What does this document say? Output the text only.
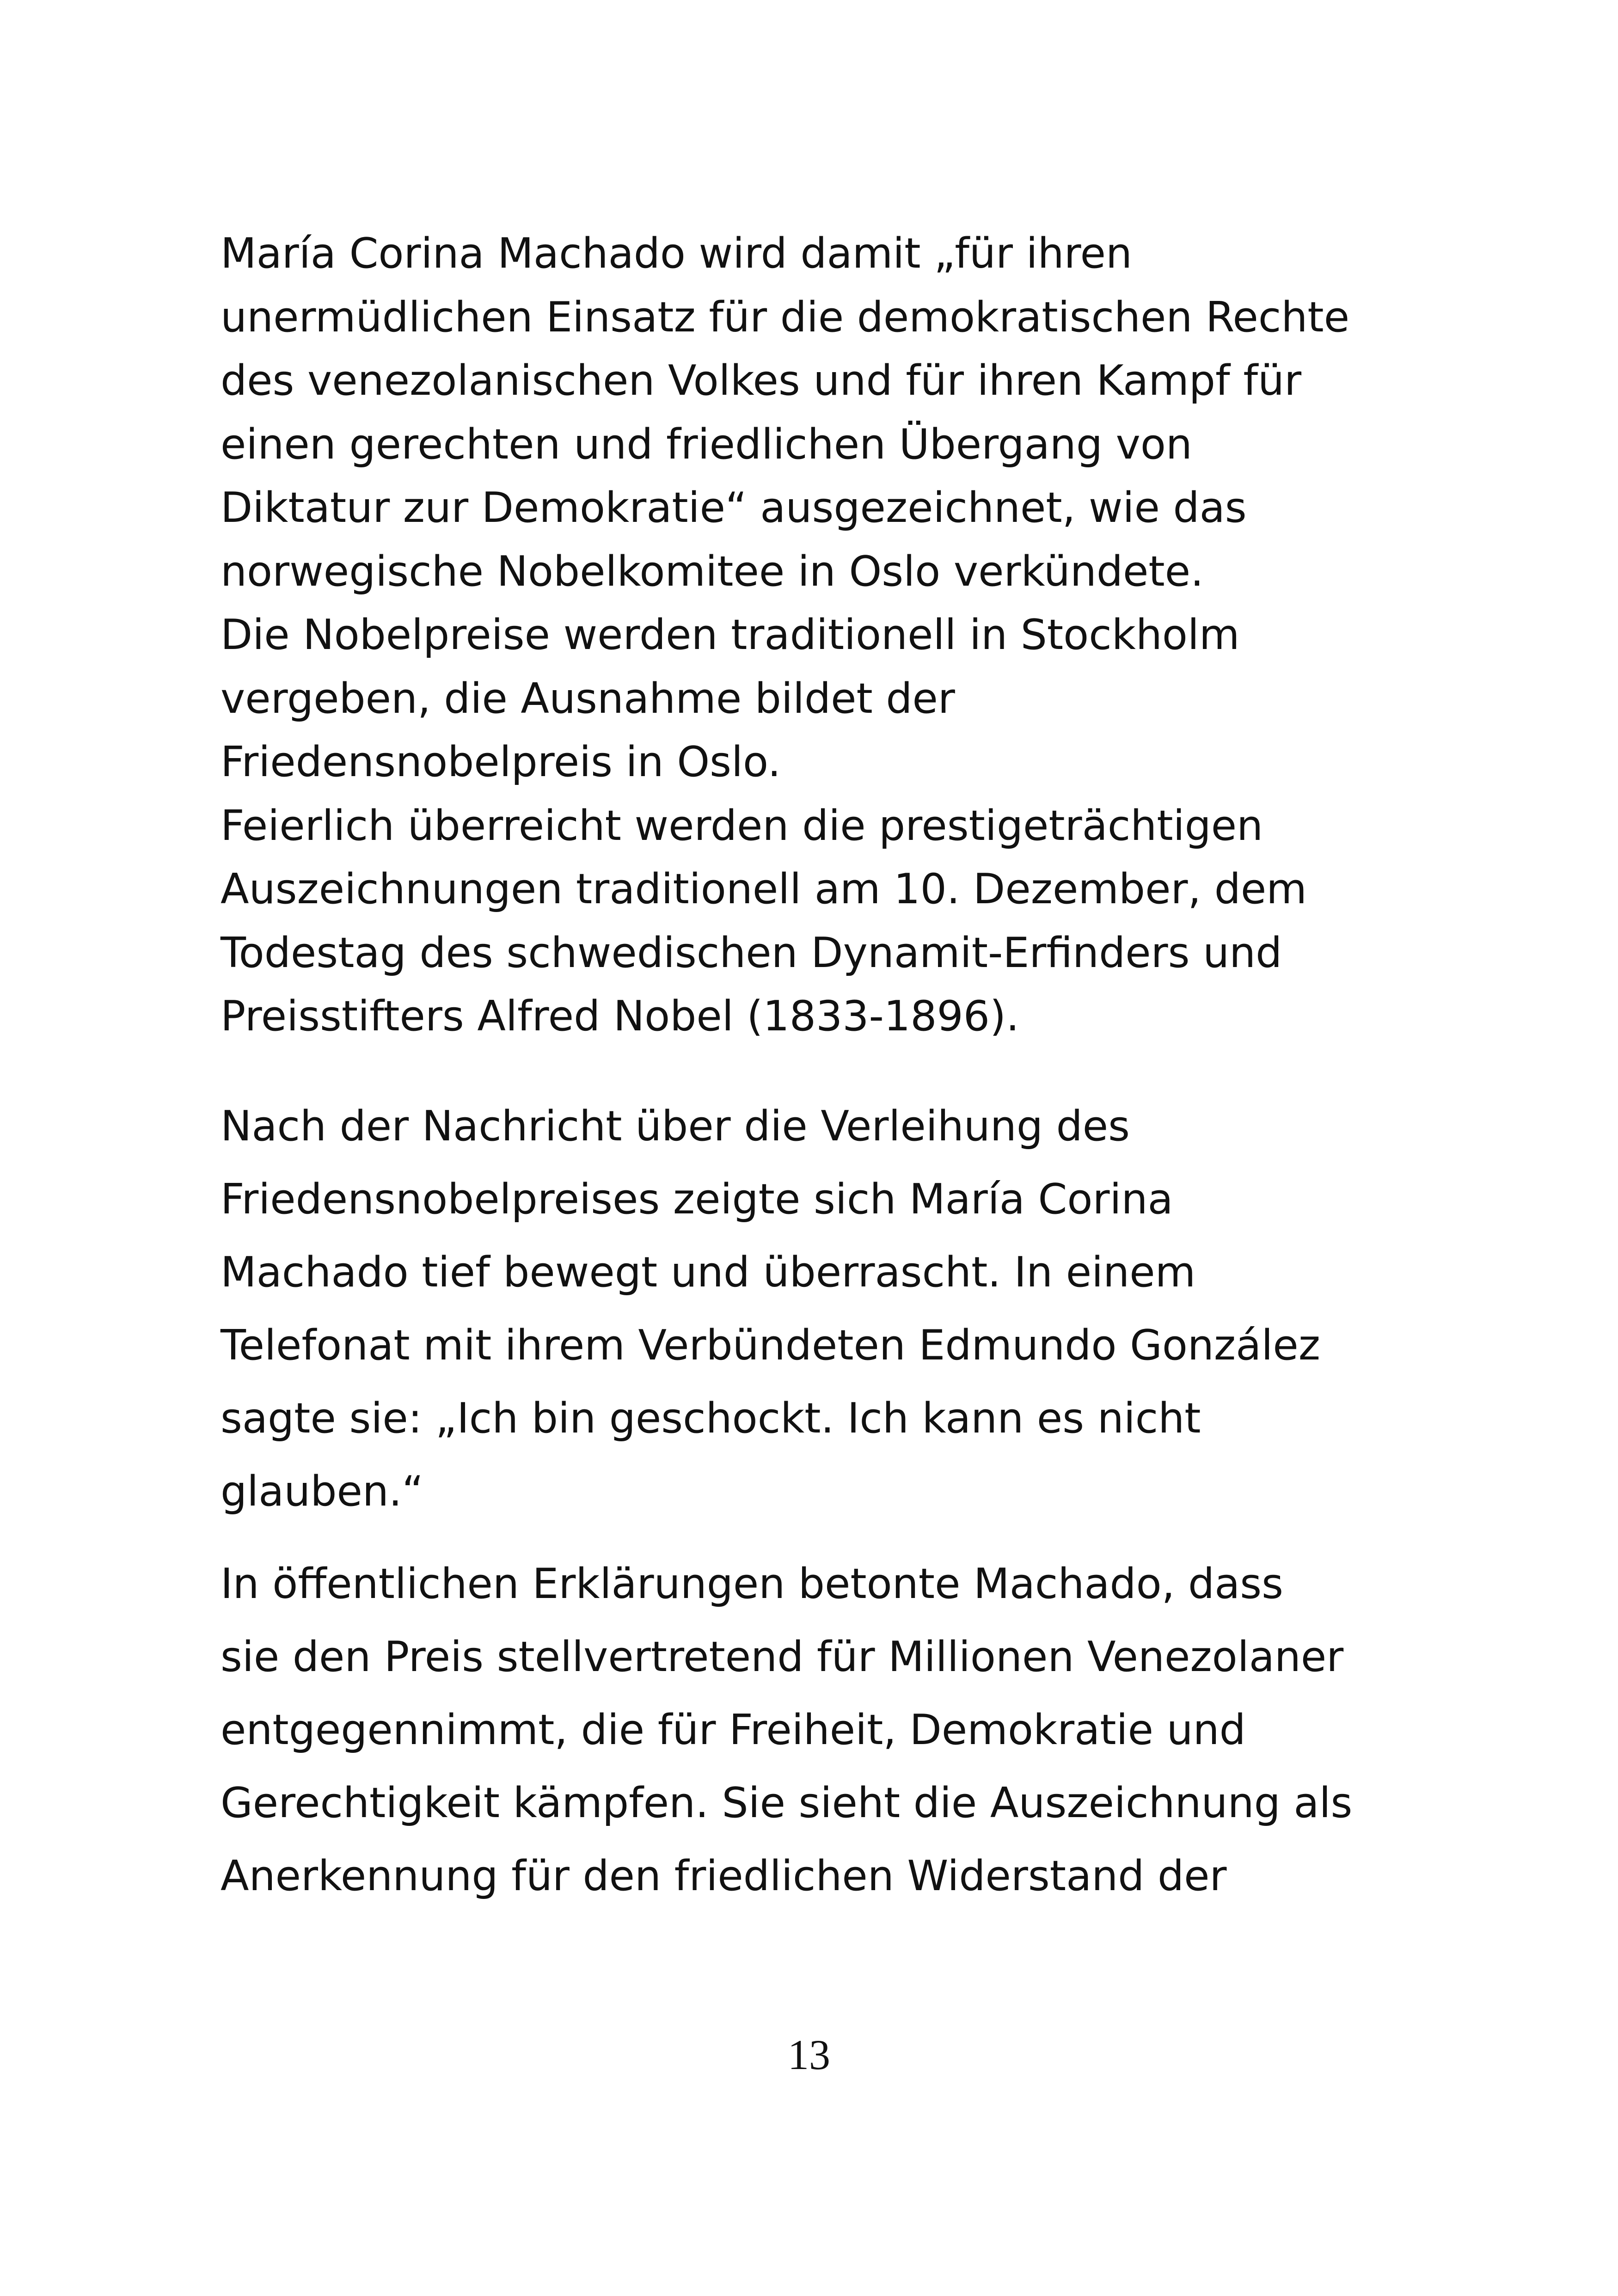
María Corina Machado wird damit „für ihren

unermüdlichen Einsatz für die demokratischen Rechte

des venezolanischen Volkes und für ihren Kampf für

einen gerechten und friedlichen Übergang von

Diktatur zur Demokratie“ ausgezeichnet, wie das

norwegische Nobelkomitee in Oslo verkündete.

Die Nobelpreise werden traditionell in Stockholm

vergeben, die Ausnahme bildet der

Friedensnobelpreis in Oslo.

Feierlich überreicht werden die prestigeträchtigen

Auszeichnungen traditionell am 10. Dezember, dem

Todestag des schwedischen Dynamit-Erfinders und

Preisstifters Alfred Nobel (1833-1896).

Nach der Nachricht über die Verleihung des

Friedensnobelpreises zeigte sich María Corina

Machado tief bewegt und überrascht. In einem

Telefonat mit ihrem Verbündeten Edmundo González

sagte sie: „Ich bin geschockt. Ich kann es nicht

glauben.“

In öffentlichen Erklärungen betonte Machado, dass

sie den Preis stellvertretend für Millionen Venezolaner

entgegennimmt, die für Freiheit, Demokratie und

Gerechtigkeit kämpfen. Sie sieht die Auszeichnung als

Anerkennung für den friedlichen Widerstand der

13
